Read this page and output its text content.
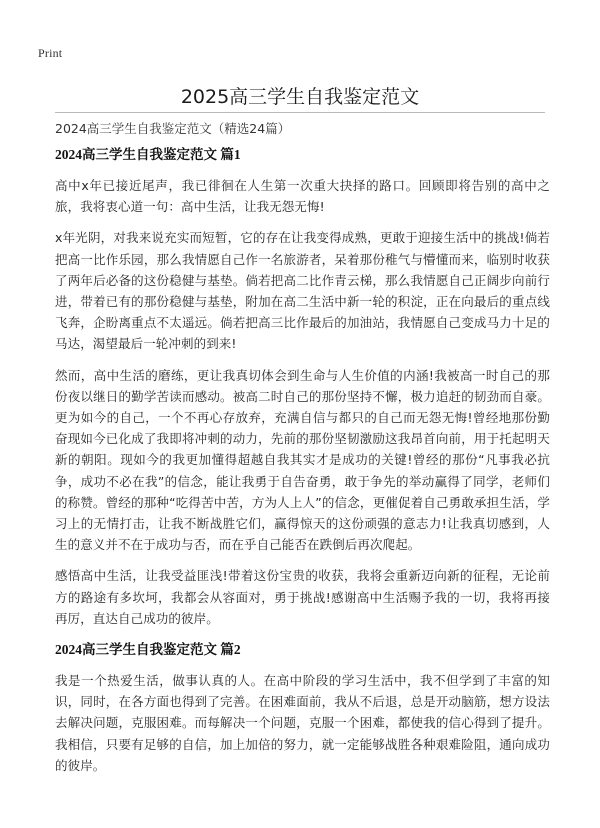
Print
2025高三学生自我鉴定范文

2024高三学生自我鉴定范文（精选24篇）

2024高三学生自我鉴定范文 篇1

高中x年已接近尾声，我已徘徊在人生第一次重大抉择的路口。回顾即将告别的高中之旅，我将衷心道一句：高中生活，让我无怨无悔!

x年光阴，对我来说充实而短暂，它的存在让我变得成熟，更敢于迎接生活中的挑战!倘若把高一比作乐园，那么我情愿自己作一名旅游者，呆着那份稚气与懵懂而来，临别时收获了两年后必备的这份稳健与基垫。倘若把高二比作青云梯，那么我情愿自己正阔步向前行进，带着已有的那份稳健与基垫，附加在高二生活中新一轮的积淀，正在向最后的重点线飞奔，企盼离重点不太遥远。倘若把高三比作最后的加油站，我情愿自己变成马力十足的马达，渴望最后一轮冲刺的到来!

然而，高中生活的磨练，更让我真切体会到生命与人生价值的内涵!我被高一时自己的那份夜以继日的勤学苦读而感动。被高二时自己的那份坚持不懈，极力追赶的韧劲而自豪。更为如今的自己，一个不再心存放弃，充满自信与都只的自己而无怨无悔!曾经地那份勤奋现如今已化成了我即将冲刺的动力，先前的那份坚韧激励这我昂首向前，用于托起明天新的朝阳。现如今的我更加懂得超越自我其实才是成功的关键!曾经的那份“凡事我必抗争，成功不必在我”的信念，能让我勇于自告奋勇，敢于争先的举动赢得了同学，老师们的称赞。曾经的那种“吃得苦中苦，方为人上人”的信念，更催促着自己勇敢承担生活，学习上的无情打击，让我不断战胜它们，赢得惊天的这份顽强的意志力!让我真切感到，人生的意义并不在于成功与否，而在乎自己能否在跌倒后再次爬起。

感悟高中生活，让我受益匪浅!带着这份宝贵的收获，我将会重新迈向新的征程，无论前方的路途有多坎坷，我都会从容面对，勇于挑战!感谢高中生活赐予我的一切，我将再接再厉，直达自己成功的彼岸。

2024高三学生自我鉴定范文 篇2

我是一个热爱生活，做事认真的人。在高中阶段的学习生活中，我不但学到了丰富的知识，同时，在各方面也得到了完善。在困难面前，我从不后退，总是开动脑筋，想方设法去解决问题，克服困难。而每解决一个问题，克服一个困难，都使我的信心得到了提升。我相信，只要有足够的自信，加上加倍的努力，就一定能够战胜各种艰难险阻，通向成功的彼岸。
